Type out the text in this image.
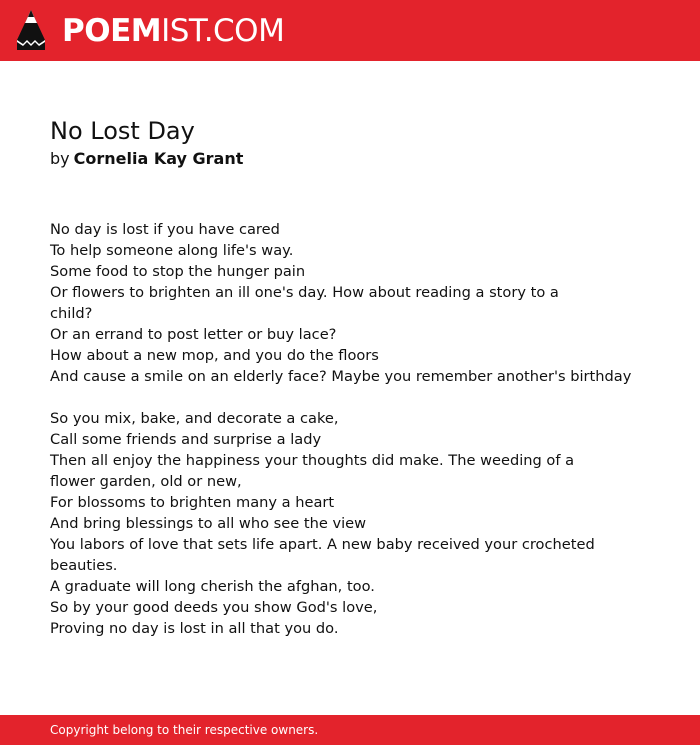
POEMIST.COM
No Lost Day
by Cornelia Kay Grant

No day is lost if you have cared
To help someone along life's way.
Some food to stop the hunger pain
Or flowers to brighten an ill one's day. How about reading a story to a
child?
Or an errand to post letter or buy lace?
How about a new mop, and you do the floors
And cause a smile on an elderly face? Maybe you remember another's birthday

So you mix, bake, and decorate a cake,
Call some friends and surprise a lady
Then all enjoy the happiness your thoughts did make. The weeding of a
flower garden, old or new,
For blossoms to brighten many a heart
And bring blessings to all who see the view
You labors of love that sets life apart. A new baby received your crocheted
beauties.
A graduate will long cherish the afghan, too.
So by your good deeds you show God's love,
Proving no day is lost in all that you do.

Copyright belong to their respective owners.
